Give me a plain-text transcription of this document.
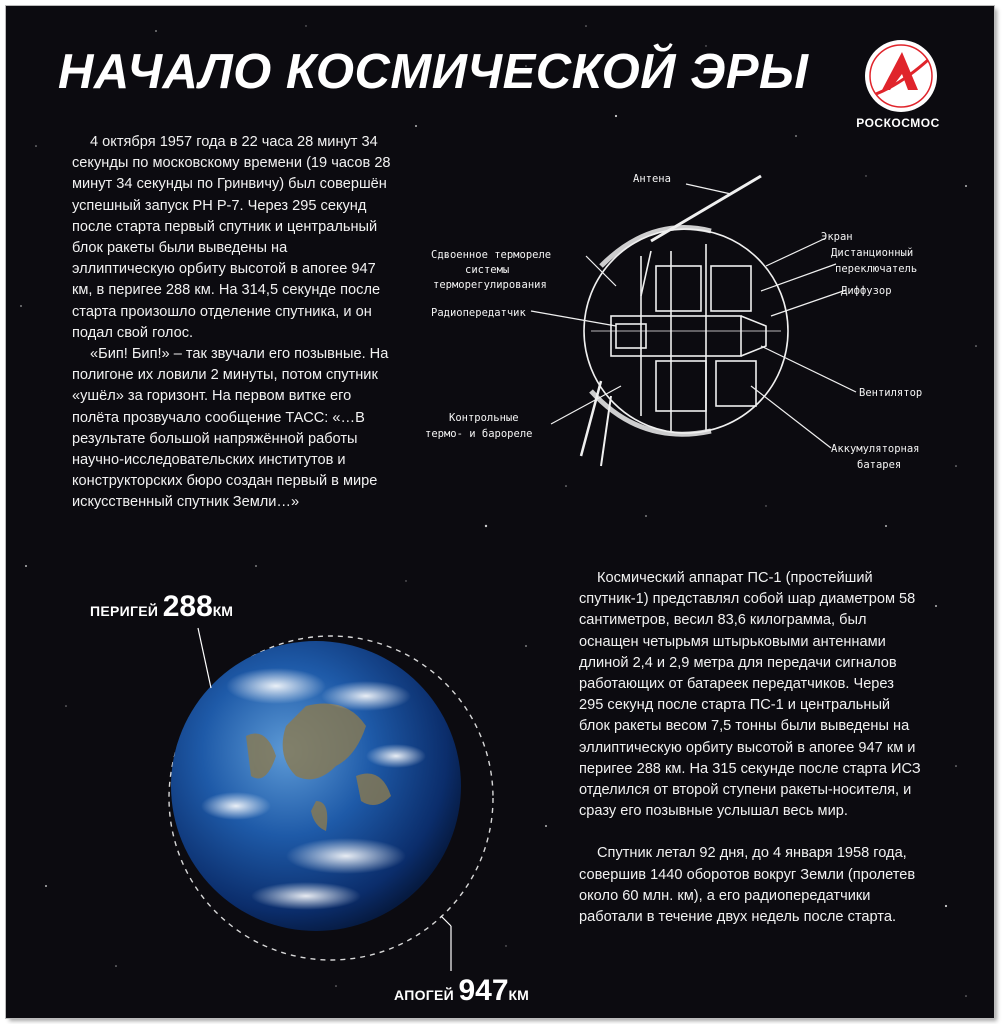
НАЧАЛО КОСМИЧЕСКОЙ ЭРЫ
РОСКОСМОС

4 октября 1957 года в 22 часа 28 минут 34 секунды по московскому времени (19 часов 28 минут 34 секунды по Гринвичу) был совершён успешный запуск РН Р-7. Через 295 секунд после старта первый спутник и центральный блок ракеты были выведены на эллиптическую орбиту высотой в апогее 947 км, в перигее 288 км. На 314,5 секунде после старта произошло отделение спутника, и он подал свой голос.

«Бип! Бип!» – так звучали его позывные. На полигоне их ловили 2 минуты, потом спутник «ушёл» за горизонт. На первом витке его полёта прозвучало сообщение ТАСС: «…В результате большой напряжённой работы научно-исследовательских институтов и конструкторских бюро создан первый в мире искусственный спутник Земли…»

Антена
Сдвоенное термореле
системы
терморегулирования
Радиопередатчик
Контрольные
термо- и барореле
Экран
Дистанционный
переключатель
Диффузор
Вентилятор
Аккумуляторная
батарея
ПЕРИГЕЙ 288КМ
АПОГЕЙ 947КМ

Космический аппарат ПС-1 (простейший спутник-1) представлял собой шар диаметром 58 сантиметров, весил 83,6 килограмма, был оснащен четырьмя штырьковыми антеннами длиной 2,4 и 2,9 метра для передачи сигналов работающих от батареек передатчиков. Через 295 секунд после старта ПС-1 и центральный блок ракеты весом 7,5 тонны были выведены на эллиптическую орбиту высотой в апогее 947 км и перигее 288 км. На 315 секунде после старта ИСЗ отделился от второй ступени ракеты-носителя, и сразу его позывные услышал весь мир.

Спутник летал 92 дня, до 4 января 1958 года, совершив 1440 оборотов вокруг Земли (пролетев около 60 млн. км), а его радиопередатчики работали в течение двух недель после старта.
